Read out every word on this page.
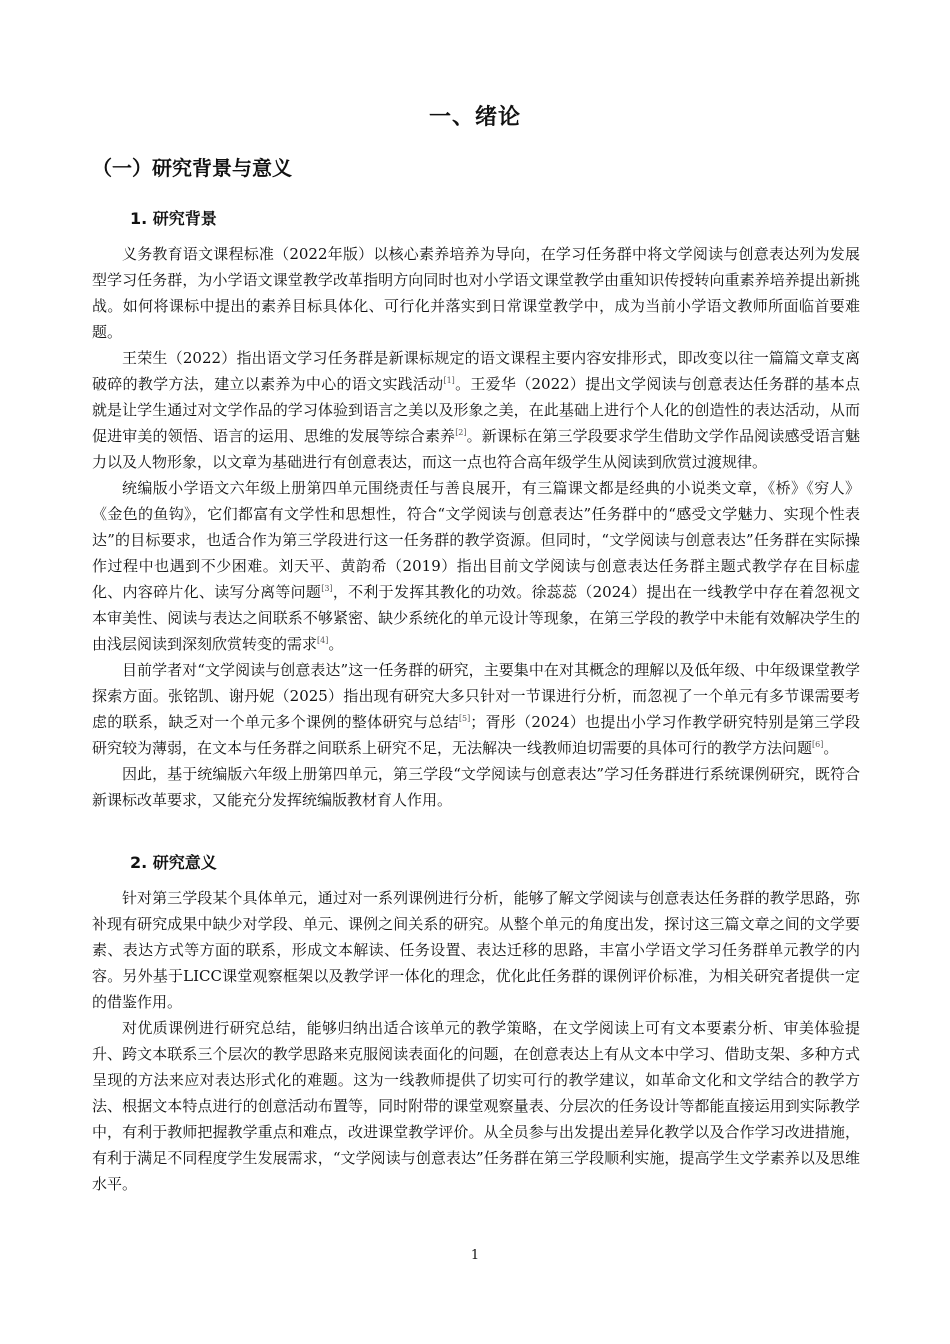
一、绪论
（一）研究背景与意义
1. 研究背景

义务教育语文课程标准（2022年版）以核心素养培养为导向，在学习任务群中将文学阅读与创意表达列为发展型学习任务群，为小学语文课堂教学改革指明方向同时也对小学语文课堂教学由重知识传授转向重素养培养提出新挑战。如何将课标中提出的素养目标具体化、可行化并落实到日常课堂教学中，成为当前小学语文教师所面临首要难题。

王荣生（2022）指出语文学习任务群是新课标规定的语文课程主要内容安排形式，即改变以往一篇篇文章支离破碎的教学方法，建立以素养为中心的语文实践活动[1]。王爱华（2022）提出文学阅读与创意表达任务群的基本点就是让学生通过对文学作品的学习体验到语言之美以及形象之美，在此基础上进行个人化的创造性的表达活动，从而促进审美的领悟、语言的运用、思维的发展等综合素养[2]。新课标在第三学段要求学生借助文学作品阅读感受语言魅力以及人物形象，以文章为基础进行有创意表达，而这一点也符合高年级学生从阅读到欣赏过渡规律。

统编版小学语文六年级上册第四单元围绕责任与善良展开，有三篇课文都是经典的小说类文章，《桥》《穷人》《金色的鱼钩》，它们都富有文学性和思想性，符合“文学阅读与创意表达”任务群中的“感受文学魅力、实现个性表达”的目标要求，也适合作为第三学段进行这一任务群的教学资源。但同时，“文学阅读与创意表达”任务群在实际操作过程中也遇到不少困难。刘天平、黄韵希（2019）指出目前文学阅读与创意表达任务群主题式教学存在目标虚化、内容碎片化、读写分离等问题[3]，不利于发挥其教化的功效。徐蕊蕊（2024）提出在一线教学中存在着忽视文本审美性、阅读与表达之间联系不够紧密、缺少系统化的单元设计等现象，在第三学段的教学中未能有效解决学生的由浅层阅读到深刻欣赏转变的需求[4]。

目前学者对“文学阅读与创意表达”这一任务群的研究，主要集中在对其概念的理解以及低年级、中年级课堂教学探索方面。张铭凯、谢丹妮（2025）指出现有研究大多只针对一节课进行分析，而忽视了一个单元有多节课需要考虑的联系，缺乏对一个单元多个课例的整体研究与总结[5]；胥彤（2024）也提出小学习作教学研究特别是第三学段研究较为薄弱，在文本与任务群之间联系上研究不足，无法解决一线教师迫切需要的具体可行的教学方法问题[6]。

因此，基于统编版六年级上册第四单元，第三学段“文学阅读与创意表达”学习任务群进行系统课例研究，既符合新课标改革要求，又能充分发挥统编版教材育人作用。

2. 研究意义

针对第三学段某个具体单元，通过对一系列课例进行分析，能够了解文学阅读与创意表达任务群的教学思路，弥补现有研究成果中缺少对学段、单元、课例之间关系的研究。从整个单元的角度出发，探讨这三篇文章之间的文学要素、表达方式等方面的联系，形成文本解读、任务设置、表达迁移的思路，丰富小学语文学习任务群单元教学的内容。另外基于LICC课堂观察框架以及教学评一体化的理念，优化此任务群的课例评价标准，为相关研究者提供一定的借鉴作用。

对优质课例进行研究总结，能够归纳出适合该单元的教学策略，在文学阅读上可有文本要素分析、审美体验提升、跨文本联系三个层次的教学思路来克服阅读表面化的问题，在创意表达上有从文本中学习、借助支架、多种方式呈现的方法来应对表达形式化的难题。这为一线教师提供了切实可行的教学建议，如革命文化和文学结合的教学方法、根据文本特点进行的创意活动布置等，同时附带的课堂观察量表、分层次的任务设计等都能直接运用到实际教学中，有利于教师把握教学重点和难点，改进课堂教学评价。从全员参与出发提出差异化教学以及合作学习改进措施，有利于满足不同程度学生发展需求，“文学阅读与创意表达”任务群在第三学段顺利实施，提高学生文学素养以及思维水平。

1
